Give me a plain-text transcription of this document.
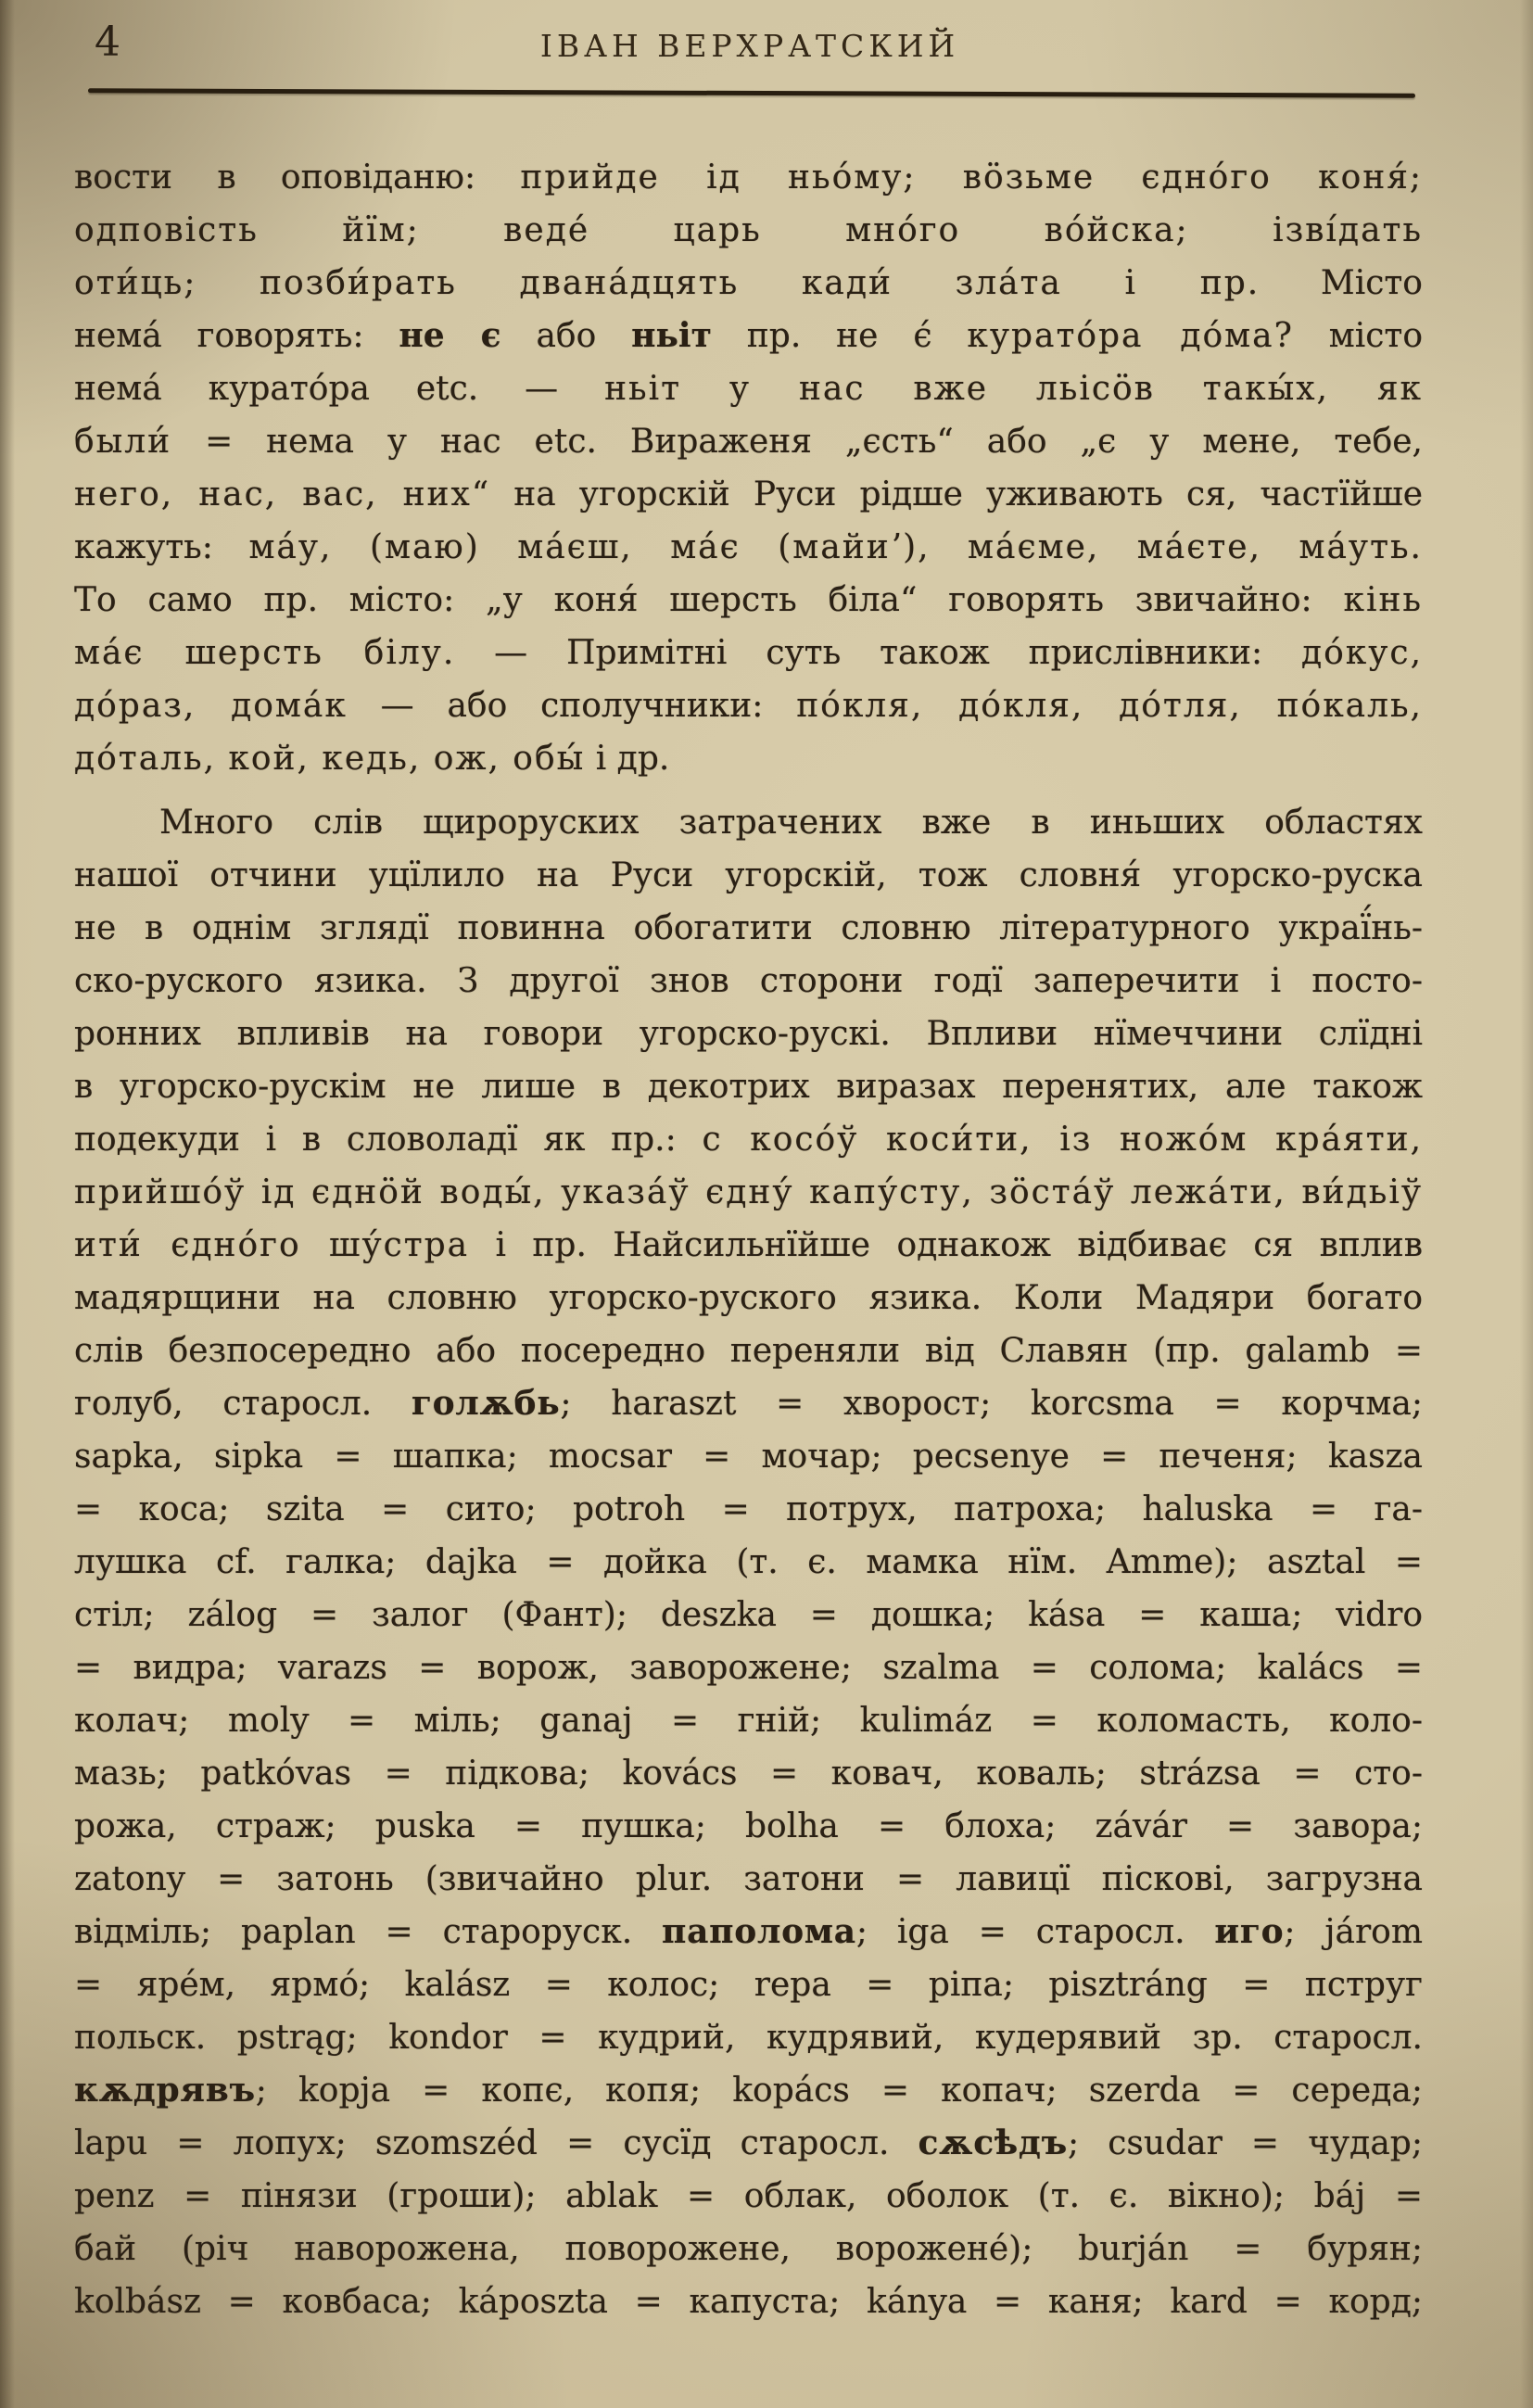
4	ІВАН ВЕРХРАТСКИЙ
вости в оповіданю: прийде ід ньо́му; вӧзьме єдно́го коня́;
одповість йїм; веде́ царь мно́го во́йска; ізві́дать
оти́ць; позби́рать двана́дцять кади́ зла́та і пр. Місто
нема́ говорять: не є або ньіт пр. не є́ курато́ра до́ма? місто
нема́ курато́ра etc. — ньіт у нас вже льісӧв такы́х, як
были́ = нема у нас etc. Вираженя „єсть“ або „є у мене, тебе,
него, нас, вас, них“ на угорскій Руси рідше уживають ся, частїйше
кажуть: ма́у, (маю) ма́єш, ма́є (майиʼ), ма́єме, ма́єте, ма́уть.
То само пр. місто: „у коня́ шерсть біла“ говорять звичайно: кінь
ма́є шерсть білу. — Примітні суть також прислівники: до́кус,
до́раз, дома́к — або сполучники: по́кля, до́кля, до́тля, по́каль,
до́таль, кой, кедь, ож, обы́ і др.
Много слів щироруских затрачених вже в иньших областях
нашої отчини уцїлило на Руси угорскій, тож словня́ угорско-руска
не в однім зглядї повинна обогатити словню літературного украї́нь-
ско-руского язика. З другої знов сторони годї заперечити і посто-
ронних впливів на говори угорско-рускі. Впливи нїмеччини слїдні
в угорско-рускім не лише в декотрих виразах перенятих, але також
подекуди і в словоладї як пр.: с косо́ў коси́ти, із ножо́м кра́яти,
прийшо́ў ід єднӧй воды́, указа́ў єдну́ капу́сту, зӧста́ў лежа́ти, ви́дьіў
ити́ єдно́го шу́стра і пр. Найсильнїйше однакож відбиває ся вплив
мадярщини на словню угорско-руского язика. Коли Мадяри богато
слів безпосередно або посередно переняли від Славян (пр. galamb =
голуб, старосл. голѫбь; haraszt = хворост; korcsma = корчма;
sapka, sipka = шапка; mocsar = мочар; pecsenye = печеня; kasza
= коса; szita = сито; potroh = потрух, патроха; haluska = га-
лушка cf. галка; dajka = дойка (т. є. мамка нїм. Amme); asztal =
стіл; zálog = залог (Фант); deszka = дошка; kása = каша; vidro
= видра; varazs = ворож, заворожене; szalma = солома; kalács =
колач; moly = міль; ganaj = гній; kulimáz = коломасть, коло-
мазь; patkóvas = підкова; kovács = ковач, коваль; strázsa = сто-
рожа, страж; puska = пушка; bolha = блоха; závár = завора;
zatony = затонь (звичайно plur. затони = лавицї піскові, загрузна
відміль; paplan = староруск. паполома; iga = старосл. иго; járom
= яре́м, ярмо́; kalász = колос; repa = ріпа; pisztráng = пструг
польск. pstrąg; kondor = кудрий, кудрявий, кудерявий зр. старосл.
кѫдрявъ; kopja = копє, копя; kopács = копач; szerda = середа;
lapu = лопух; szomszéd = сусїд старосл. сѫсѣдъ; csudar = чудар;
penz = пінязи (гроши); ablak = облак, оболок (т. є. вікно); báj =
бай (річ наворожена, поворожене, ворожене́); burján = бурян;
kolbász = ковбаса; káposzta = капуста; kánya = каня; kard = корд;
